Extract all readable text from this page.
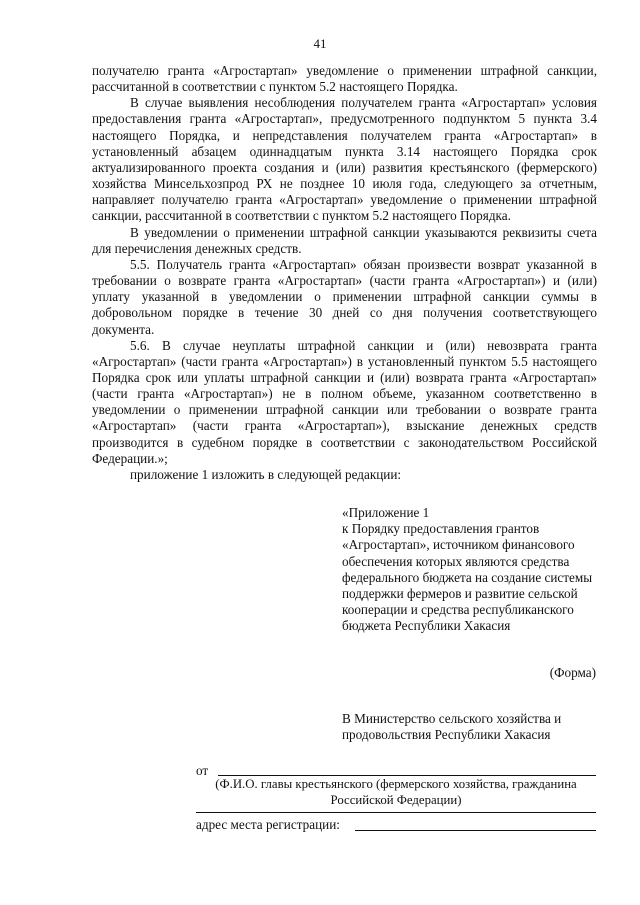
41

получателю гранта «Агростартап» уведомление о применении штрафной санкции, рассчитанной в соответствии с пунктом 5.2 настоящего Порядка.

В случае выявления несоблюдения получателем гранта «Агростартап» условия предоставления гранта «Агростартап», предусмотренного подпунктом 5 пункта 3.4 настоящего Порядка, и непредставления получателем гранта «Агростартап» в установленный абзацем одиннадцатым пункта 3.14 настоящего Порядка срок актуализированного проекта создания и (или) развития крестьянского (фермерского) хозяйства Минсельхозпрод РХ не позднее 10 июля года, следующего за отчетным, направляет получателю гранта «Агростартап» уведомление о применении штрафной санкции, рассчитанной в соответствии с пунктом 5.2 настоящего Порядка.

В уведомлении о применении штрафной санкции указываются реквизиты счета для перечисления денежных средств.

5.5. Получатель гранта «Агростартап» обязан произвести возврат указанной в требовании о возврате гранта «Агростартап» (части гранта «Агростартап») и (или) уплату указанной в уведомлении о применении штрафной санкции суммы в добровольном порядке в течение 30 дней со дня получения соответствующего документа.

5.6. В случае неуплаты штрафной санкции и (или) невозврата гранта «Агростартап» (части гранта «Агростартап») в установленный пунктом 5.5 настоящего Порядка срок или уплаты штрафной санкции и (или) возврата гранта «Агростартап» (части гранта «Агростартап») не в полном объеме, указанном соответственно в уведомлении о применении штрафной санкции или требовании о возврате гранта «Агростартап» (части гранта «Агростартап»), взыскание денежных средств производится в судебном порядке в соответствии с законодательством Российской Федерации.»;

приложение 1 изложить в следующей редакции:

«Приложение 1
к Порядку предоставления грантов «Агростартап», источником финансового обеспечения которых являются средства федерального бюджета на создание системы поддержки фермеров и развитие сельской кооперации и средства республиканского бюджета Республики Хакасия
(Форма)
В Министерство сельского хозяйства и продовольствия Республики Хакасия
от
(Ф.И.О. главы крестьянского (фермерского хозяйства, гражданина Российской Федерации)
адрес места регистрации:
